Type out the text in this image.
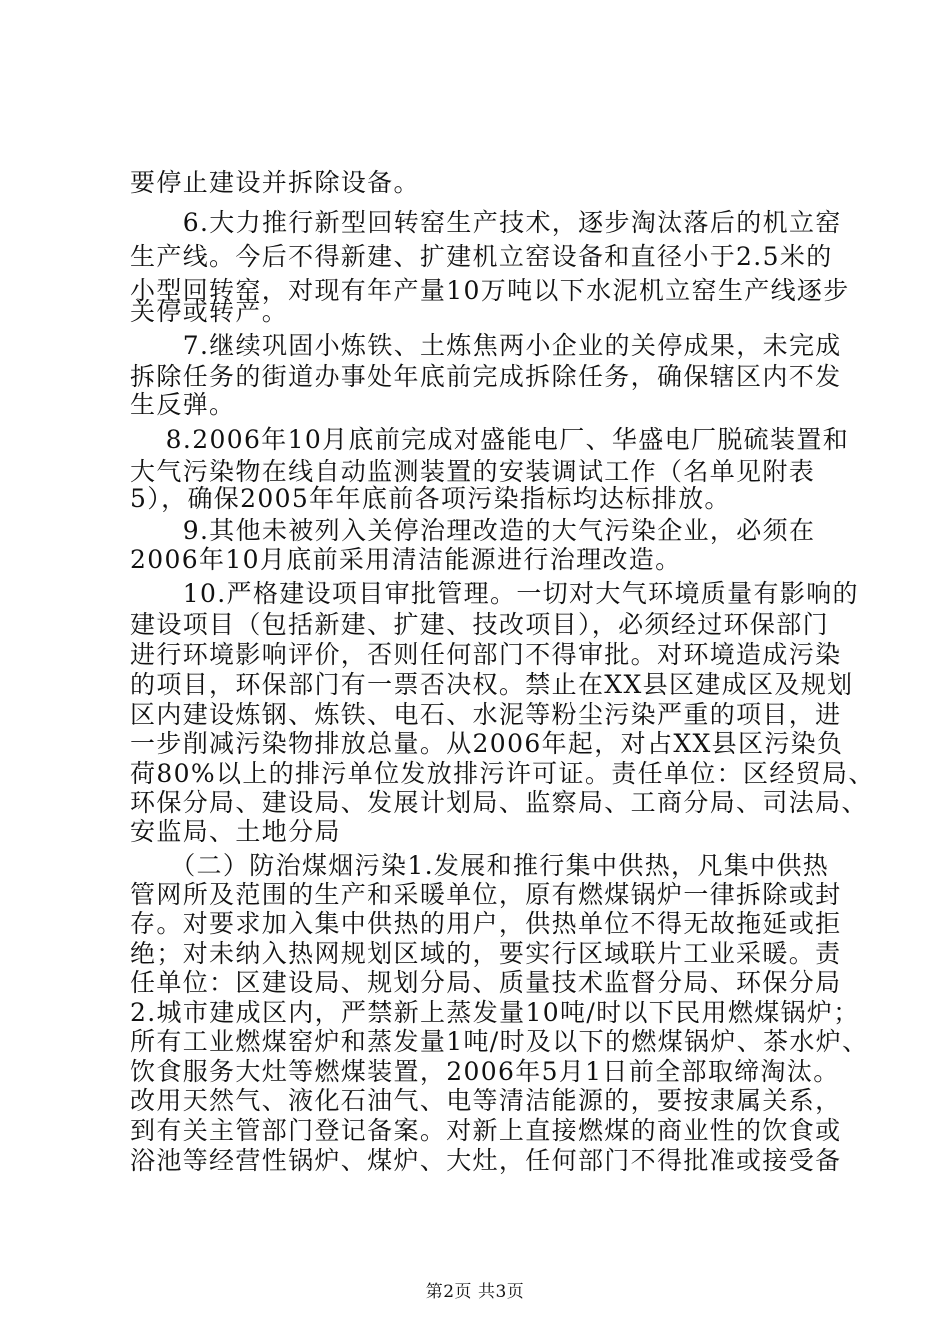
要停止建设并拆除设备。
　　6.大力推行新型回转窑生产技术，逐步淘汰落后的机立窑
生产线。今后不得新建、扩建机立窑设备和直径小于2.5米的
小型回转窑，对现有年产量10万吨以下水泥机立窑生产线逐步
关停或转产。
　　7.继续巩固小炼铁、土炼焦两小企业的关停成果，未完成
拆除任务的街道办事处年底前完成拆除任务，确保辖区内不发
生反弹。
　 8.2006年10月底前完成对盛能电厂、华盛电厂脱硫装置和
大气污染物在线自动监测装置的安装调试工作（名单见附表
5），确保2005年年底前各项污染指标均达标排放。
　　9.其他未被列入关停治理改造的大气污染企业，必须在
2006年10月底前采用清洁能源进行治理改造。
　　10.严格建设项目审批管理。一切对大气环境质量有影响的
建设项目（包括新建、扩建、技改项目），必须经过环保部门
进行环境影响评价，否则任何部门不得审批。对环境造成污染
的项目，环保部门有一票否决权。禁止在XX县区建成区及规划
区内建设炼钢、炼铁、电石、水泥等粉尘污染严重的项目，进
一步削减污染物排放总量。从2006年起，对占XX县区污染负
荷80%以上的排污单位发放排污许可证。责任单位：区经贸局、
环保分局、建设局、发展计划局、监察局、工商分局、司法局、
安监局、土地分局
　　（二）防治煤烟污染1.发展和推行集中供热，凡集中供热
管网所及范围的生产和采暖单位，原有燃煤锅炉一律拆除或封
存。对要求加入集中供热的用户，供热单位不得无故拖延或拒
绝；对未纳入热网规划区域的，要实行区域联片工业采暖。责
任单位：区建设局、规划分局、质量技术监督分局、环保分局
2.城市建成区内，严禁新上蒸发量10吨/时以下民用燃煤锅炉；
所有工业燃煤窑炉和蒸发量1吨/时及以下的燃煤锅炉、茶水炉、
饮食服务大灶等燃煤装置，2006年5月1日前全部取缔淘汰。
改用天然气、液化石油气、电等清洁能源的，要按隶属关系，
到有关主管部门登记备案。对新上直接燃煤的商业性的饮食或
浴池等经营性锅炉、煤炉、大灶，任何部门不得批准或接受备
第2页 共3页
